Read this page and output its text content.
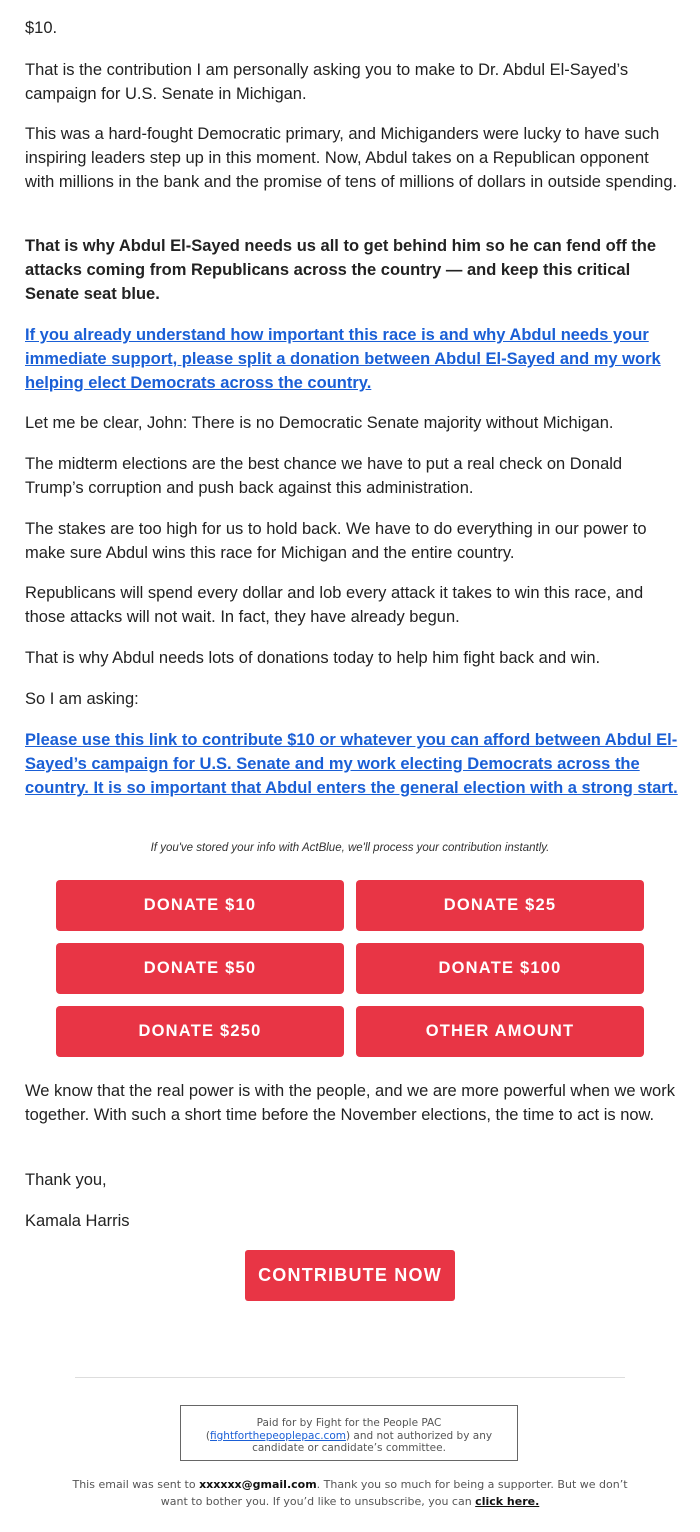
$10.

That is the contribution I am personally asking you to make to Dr. Abdul El-Sayed’s campaign for U.S. Senate in Michigan.

This was a hard-fought Democratic primary, and Michiganders were lucky to have such inspiring leaders step up in this moment. Now, Abdul takes on a Republican opponent with millions in the bank and the promise of tens of millions of dollars in outside spending.

That is why Abdul El-Sayed needs us all to get behind him so he can fend off the attacks coming from Republicans across the country — and keep this critical Senate seat blue.

If you already understand how important this race is and why Abdul needs your immediate support, please split a donation between Abdul El-Sayed and my work helping elect Democrats across the country.

Let me be clear, John: There is no Democratic Senate majority without Michigan.

The midterm elections are the best chance we have to put a real check on Donald Trump’s corruption and push back against this administration.

The stakes are too high for us to hold back. We have to do everything in our power to make sure Abdul wins this race for Michigan and the entire country.

Republicans will spend every dollar and lob every attack it takes to win this race, and those attacks will not wait. In fact, they have already begun.

That is why Abdul needs lots of donations today to help him fight back and win.

So I am asking:

Please use this link to contribute $10 or whatever you can afford between Abdul El-Sayed’s campaign for U.S. Senate and my work electing Democrats across the country. It is so important that Abdul enters the general election with a strong start.

If you've stored your info with ActBlue, we'll process your contribution instantly.
DONATE $10	DONATE $25
DONATE $50	DONATE $100
DONATE $250	OTHER AMOUNT

We know that the real power is with the people, and we are more powerful when we work together. With such a short time before the November elections, the time to act is now.

Thank you,

Kamala Harris

CONTRIBUTE NOW
Paid for by Fight for the People PAC
(fightforthepeoplepac.com) and not authorized by any candidate or candidate’s committee.
This email was sent to xxxxxx@gmail.com. Thank you so much for being a supporter. But we don’t want to bother you. If you’d like to unsubscribe, you can click here.
